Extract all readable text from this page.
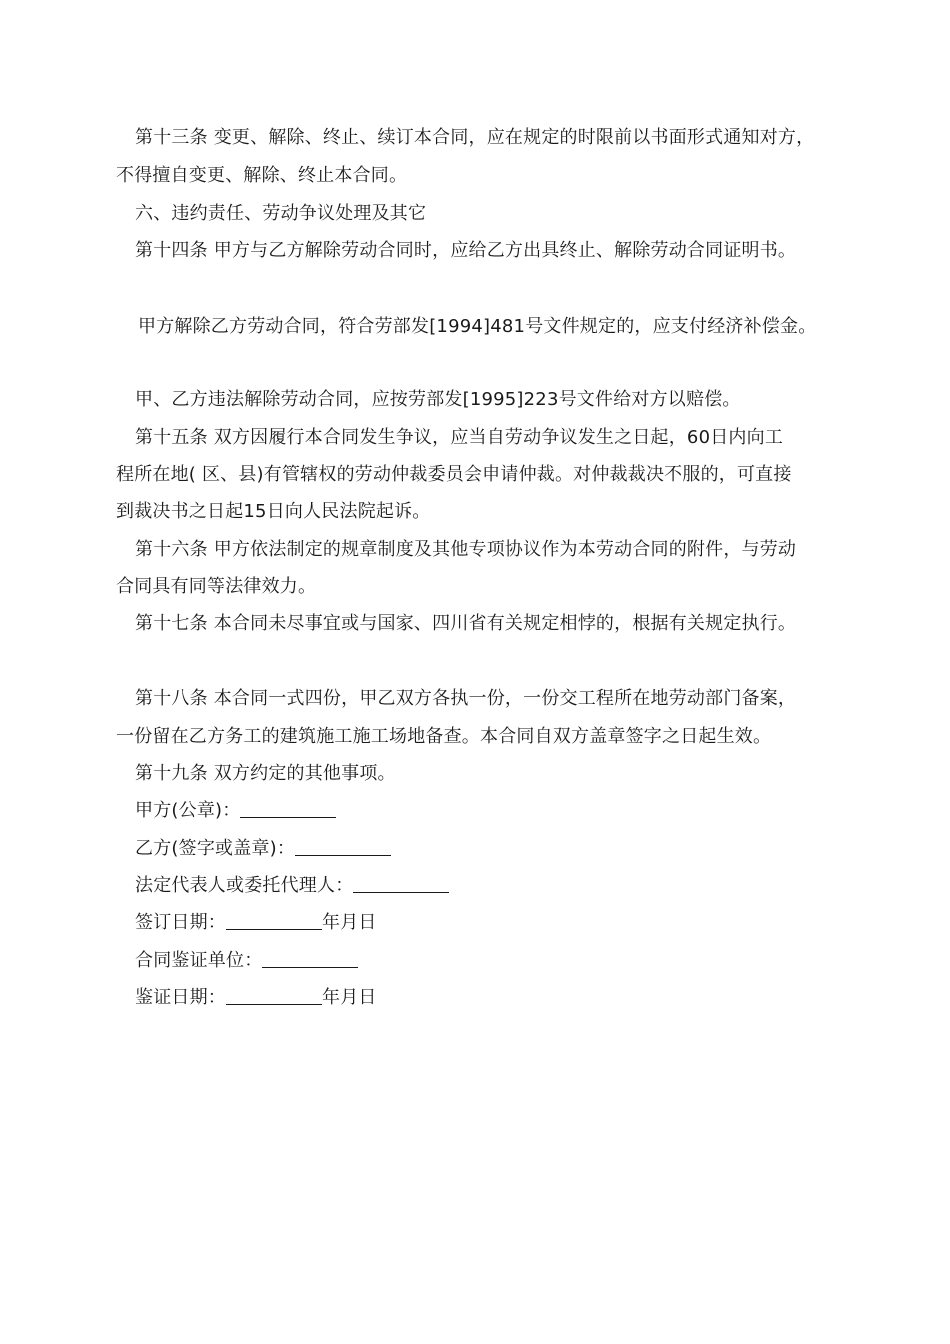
第十三条 变更、解除、终止、续订本合同，应在规定的时限前以书面形式通知对方，
不得擅自变更、解除、终止本合同。
六、违约责任、劳动争议处理及其它
第十四条 甲方与乙方解除劳动合同时，应给乙方出具终止、解除劳动合同证明书。
甲方解除乙方劳动合同，符合劳部发[1994]481号文件规定的，应支付经济补偿金。
甲、乙方违法解除劳动合同，应按劳部发[1995]223号文件给对方以赔偿。
第十五条 双方因履行本合同发生争议，应当自劳动争议发生之日起，60日内向工
程所在地( 区、县)有管辖权的劳动仲裁委员会申请仲裁。对仲裁裁决不服的，可直接
到裁决书之日起15日向人民法院起诉。
第十六条 甲方依法制定的规章制度及其他专项协议作为本劳动合同的附件，与劳动
合同具有同等法律效力。
第十七条 本合同未尽事宜或与国家、四川省有关规定相悖的，根据有关规定执行。
第十八条 本合同一式四份，甲乙双方各执一份，一份交工程所在地劳动部门备案，
一份留在乙方务工的建筑施工施工场地备查。本合同自双方盖章签字之日起生效。
第十九条 双方约定的其他事项。
甲方(公章)：
乙方(签字或盖章)：
法定代表人或委托代理人：
签订日期：	年月日
合同鉴证单位：
鉴证日期：	年月日
